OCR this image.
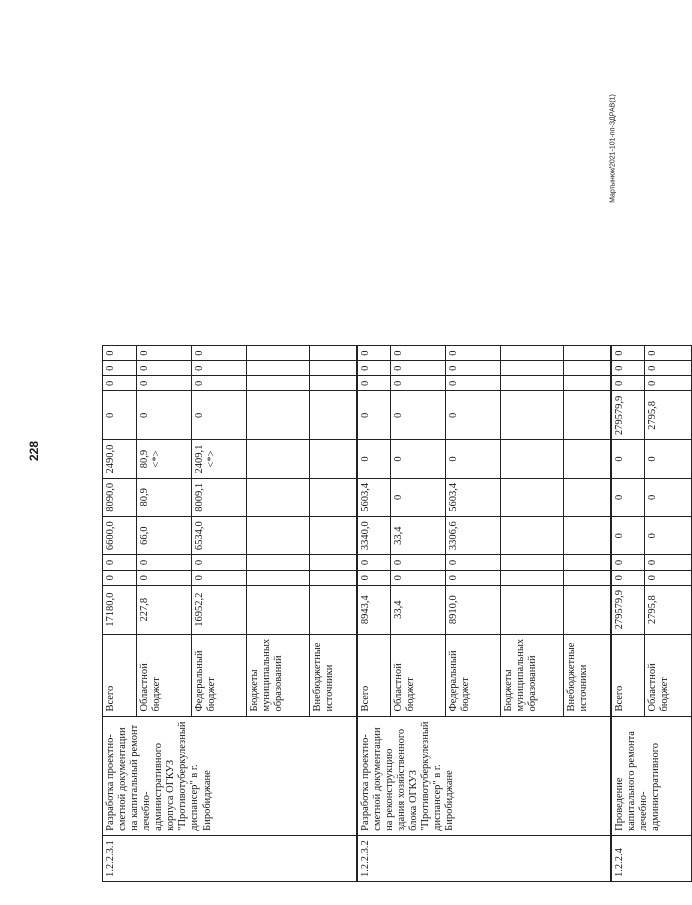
228
Мартынюк/2021-101-пп-ЗДРАВ(1)
1.2.2.3.1	Разработка проектно-сметной документации на капитальный ремонт лечебно-административного корпуса ОГКУЗ "Противотуберкулезный диспансер" в г. Биробиджане	Всего	17180,0	0	0	6600,0	8090,0	2490,0	0	0	0	0
		Областной бюджет	227,8	0	0	66,0	80,9	80,9 <*>	0	0	0	0
		Федеральный бюджет	16952,2	0	0	6534,0	8009,1	2409,1 <*>	0	0	0	0
		Бюджеты муниципальных образований										
		Внебюджетные источники										
1.2.2.3.2	Разработка проектно-сметной документации на реконструкцию здания хозяйственного блока ОГКУЗ "Противотуберкулезный диспансер" в г. Биробиджане	Всего	8943,4	0	0	3340,0	5603,4	0	0	0	0	0
		Областной бюджет	33,4	0	0	33,4	0	0	0	0	0	0
		Федеральный бюджет	8910,0	0	0	3306,6	5603,4	0	0	0	0	0
		Бюджеты муниципальных образований										
		Внебюджетные источники										
1.2.2.4	Проведение капитального ремонта лечебно-административного	Всего	279579,9	0	0	0	0	0	279579,9	0	0	0
		Областной бюджет	2795,8	0	0	0	0	0	2795,8	0	0	0
